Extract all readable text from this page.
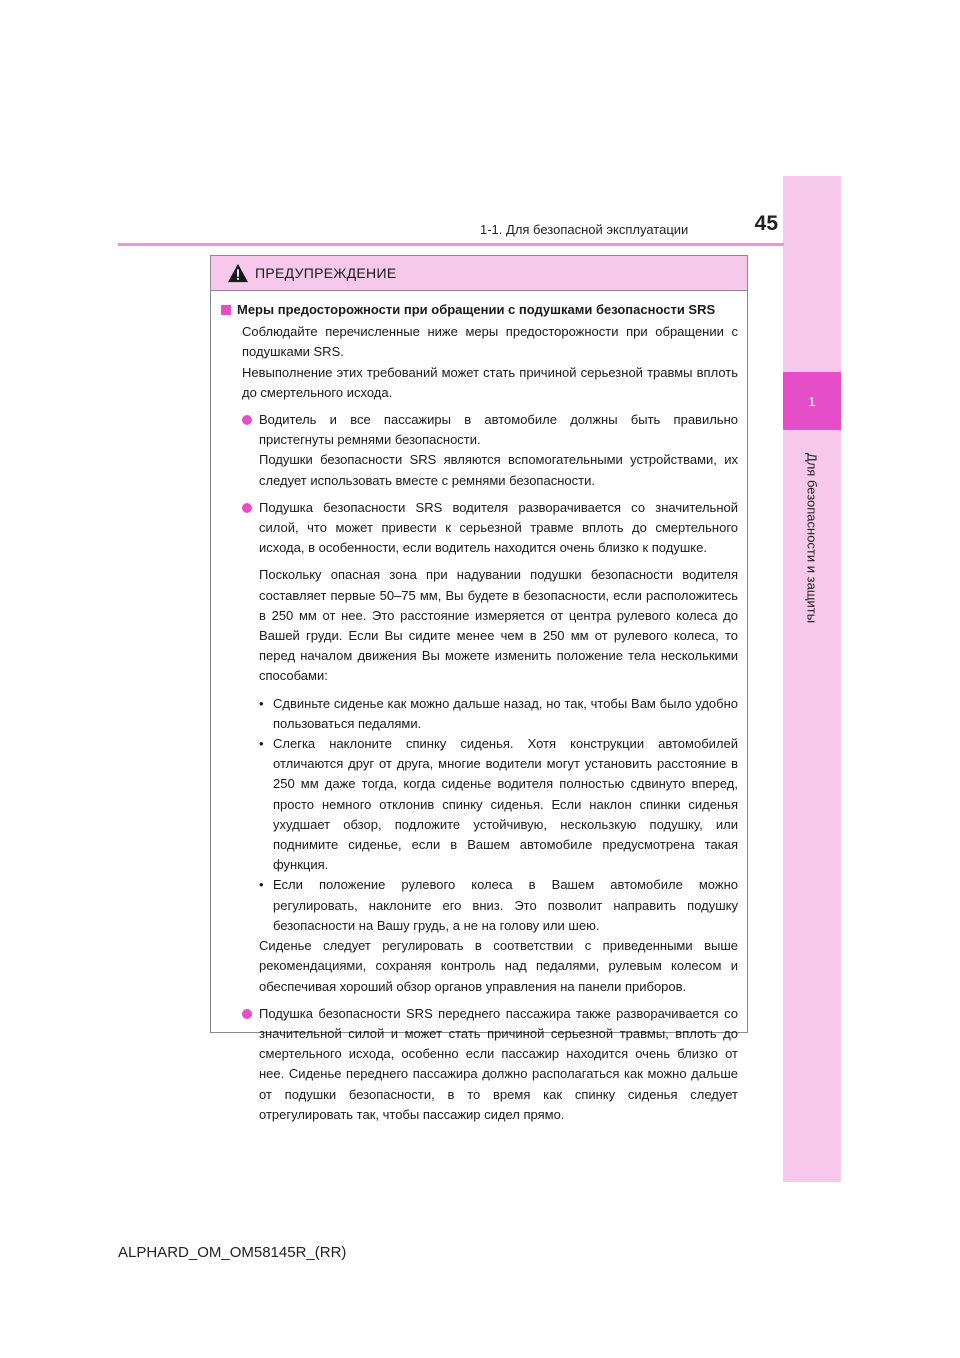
1
Для безопасности и защиты
1-1. Для безопасной эксплуатации	45
ПРЕДУПРЕЖДЕНИЕ
Меры предосторожности при обращении с подушками безопасности SRS

Соблюдайте перечисленные ниже меры предосторожности при обращении с подушками SRS.

Невыполнение этих требований может стать причиной серьезной травмы вплоть до смертельного исхода.

Водитель и все пассажиры в автомобиле должны быть правильно пристегнуты ремнями безопасности.

Подушки безопасности SRS являются вспомогательными устройствами, их следует использовать вместе с ремнями безопасности.

Подушка безопасности SRS водителя разворачивается со значительной силой, что может привести к серьезной травме вплоть до смертельного исхода, в особенности, если водитель находится очень близко к подушке.

Поскольку опасная зона при надувании подушки безопасности водителя составляет первые 50–75 мм, Вы будете в безопасности, если расположитесь в 250 мм от нее. Это расстояние измеряется от центра рулевого колеса до Вашей груди. Если Вы сидите менее чем в 250 мм от рулевого колеса, то перед началом движения Вы можете изменить положение тела несколькими способами:

• Сдвиньте сиденье как можно дальше назад, но так, чтобы Вам было удобно пользоваться педалями.
• Слегка наклоните спинку сиденья. Хотя конструкции автомобилей отличаются друг от друга, многие водители могут установить расстояние в 250 мм даже тогда, когда сиденье водителя полностью сдвинуто вперед, просто немного отклонив спинку сиденья. Если наклон спинки сиденья ухудшает обзор, подложите устойчивую, нескользкую подушку, или поднимите сиденье, если в Вашем автомобиле предусмотрена такая функция.
• Если положение рулевого колеса в Вашем автомобиле можно регулировать, наклоните его вниз. Это позволит направить подушку безопасности на Вашу грудь, а не на голову или шею.

Сиденье следует регулировать в соответствии с приведенными выше рекомендациями, сохраняя контроль над педалями, рулевым колесом и обеспечивая хороший обзор органов управления на панели приборов.

Подушка безопасности SRS переднего пассажира также разворачивается со значительной силой и может стать причиной серьезной травмы, вплоть до смертельного исхода, особенно если пассажир находится очень близко от нее. Сиденье переднего пассажира должно располагаться как можно дальше от подушки безопасности, в то время как спинку сиденья следует отрегулировать так, чтобы пассажир сидел прямо.

ALPHARD_OM_OM58145R_(RR)
